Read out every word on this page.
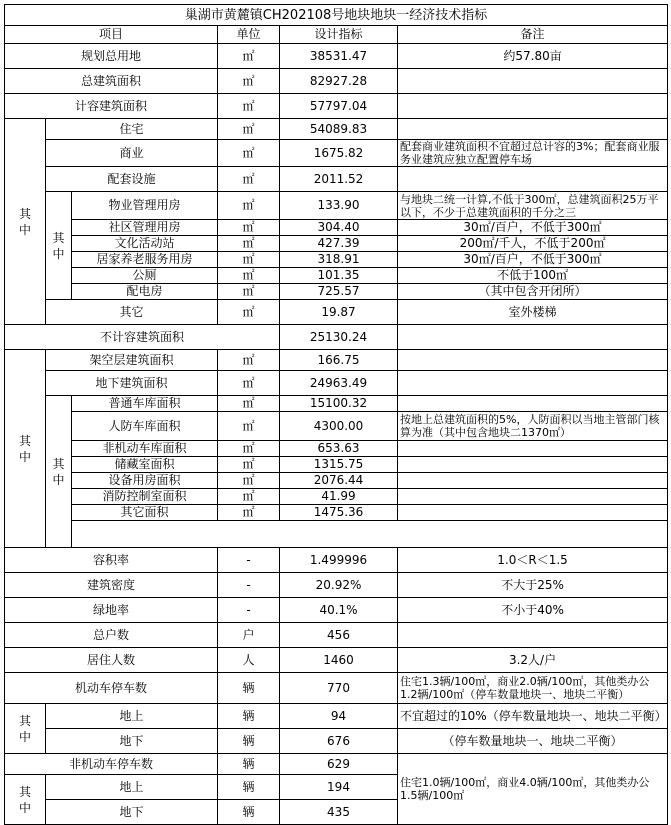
巢湖市黄麓镇CH202108号地块地块一经济技术指标					
项目			单位	设计指标	备注
规划总用地			㎡	38531.47	约57.80亩
总建筑面积			㎡	82927.28	
计容建筑面积			㎡	57797.04	
其中	住宅		㎡	54089.83	
	商业		㎡	1675.82	配套商业建筑面积不宜超过总计容的3%；配套商业服务业建筑应独立配置停车场
	配套设施		㎡	2011.52	
	其中	物业管理用房	㎡	133.90	与地块二统一计算,不低于300㎡，总建筑面积25万平以下，不少于总建筑面积的千分之三
		社区管理用房	㎡	304.40	30㎡/百户，不低于300㎡
		文化活动站	㎡	427.39	200㎡/千人，不低于200㎡
		居家养老服务用房	㎡	318.91	30㎡/百户，不低于300㎡
		公厕	㎡	101.35	不低于100㎡
		配电房	㎡	725.57	（其中包含开闭所）
	其它		㎡	19.87	室外楼梯
不计容建筑面积				25130.24	
其中	架空层建筑面积		㎡	166.75	
	地下建筑面积		㎡	24963.49	
	其中	普通车库面积	㎡	15100.32	
		人防车库面积	㎡	4300.00	按地上总建筑面积的5%，人防面积以当地主管部门核算为准（其中包含地块二1370㎡）
		非机动车库面积	㎡	653.63	
		储藏室面积	㎡	1315.75	
		设备用房面积	㎡	2076.44	
		消防控制室面积	㎡	41.99	
		其它面积	㎡	1475.36	

容积率			-	1.499996	1.0＜R＜1.5
建筑密度			-	20.92%	不大于25%
绿地率			-	40.1%	不小于40%
总户数			户	456	
居住人数			人	1460	3.2人/户
机动车停车数			辆	770	住宅1.3辆/100㎡，商业2.0辆/100㎡，其他类办公1.2辆/100㎡（停车数量地块一、地块二平衡）
其中	地上		辆	94	不宜超过的10%（停车数量地块一、地块二平衡）
	地下		辆	676	（停车数量地块一、地块二平衡）
非机动车停车数			辆	629	住宅1.0辆/100㎡，商业4.0辆/100㎡，其他类办公1.5辆/100㎡
其中	地上		辆	194	
	地下		辆	435	
